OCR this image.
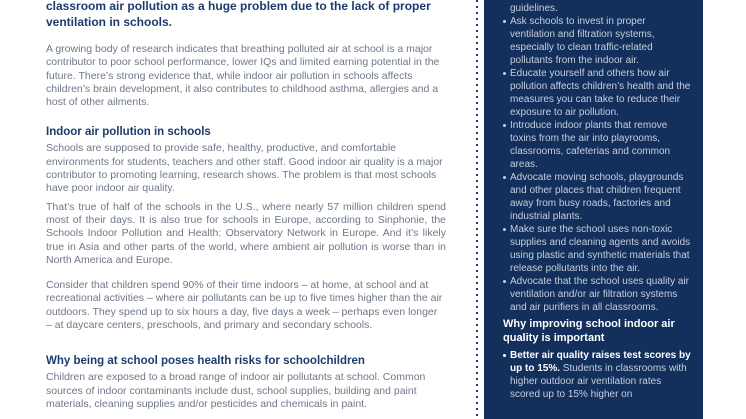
classroom air pollution as a huge problem due to the lack of proper ventilation in schools.

A growing body of research indicates that breathing polluted air at school is a major contributor to poor school performance, lower IQs and limited earning potential in the future. There’s strong evidence that, while indoor air pollution in schools affects children’s brain development, it also contributes to childhood asthma, allergies and a host of other ailments.

Indoor air pollution in schools

Schools are supposed to provide safe, healthy, productive, and comfortable environments for students, teachers and other staff. Good indoor air quality is a major contributor to promoting learning, research shows. The problem is that most schools have poor indoor air quality.

That’s true of half of the schools in the U.S., where nearly 57 million children spend most of their days. It is also true for schools in Europe, according to Sinphonie, the Schools Indoor Pollution and Health: Observatory Network in Europe. And it’s likely true in Asia and other parts of the world, where ambient air pollution is worse than in North America and Europe.

Consider that children spend 90% of their time indoors – at home, at school and at recreational activities – where air pollutants can be up to five times higher than the air outdoors. They spend up to six hours a day, five days a week – perhaps even longer – at daycare centers, preschools, and primary and secondary schools.

Why being at school poses health risks for schoolchildren

Children are exposed to a broad range of indoor air pollutants at school. Common sources of indoor contaminants include dust, school supplies, building and paint materials, cleaning supplies and/or pesticides and chemicals in paint.

guidelines.
Ask schools to invest in proper ventilation and filtration systems, especially to clean traffic-related pollutants from the indoor air.
Educate yourself and others how air pollution affects children’s health and the measures you can take to reduce their exposure to air pollution.
Introduce indoor plants that remove toxins from the air into playrooms, classrooms, cafeterias and common areas.
Advocate moving schools, playgrounds and other places that children frequent away from busy roads, factories and industrial plants.
Make sure the school uses non-toxic supplies and cleaning agents and avoids using plastic and synthetic materials that release pollutants into the air.
Advocate that the school uses quality air ventilation and/or air filtration systems and air purifiers in all classrooms.
Why improving school indoor air quality is important
Better air quality raises test scores by up to 15%. Students in classrooms with higher outdoor air ventilation rates scored up to 15% higher on
